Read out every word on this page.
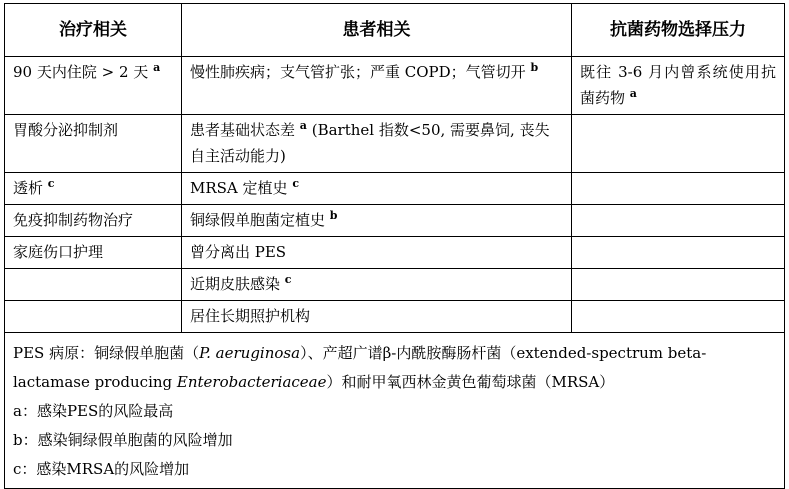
治疗相关	患者相关	抗菌药物选择压力
90 天内住院 > 2 天 $^a$	慢性肺疾病；支气管扩张；严重 COPD；气管切开 $^b$	既往 3-6 月内曾系统使用抗菌药物 $^a$
胃酸分泌抑制剂	患者基础状态差 $^a$ (Barthel 指数<50, 需要鼻饲, 丧失自主活动能力)	
透析 $^c$	MRSA 定植史 $^c$	
免疫抑制药物治疗	铜绿假单胞菌定植史 $^b$	
家庭伤口护理	曾分离出 PES	
	近期皮肤感染 $^c$	
	居住长期照护机构	

PES 病原：铜绿假单胞菌（P. aeruginosa）、产超广谱β-内酰胺酶肠杆菌（extended-spectrum beta-lactamase producing Enterobacteriaceae）和耐甲氧西林金黄色葡萄球菌（MRSA）
a：感染PES的风险最高
b：感染铜绿假单胞菌的风险增加
c：感染MRSA的风险增加		
